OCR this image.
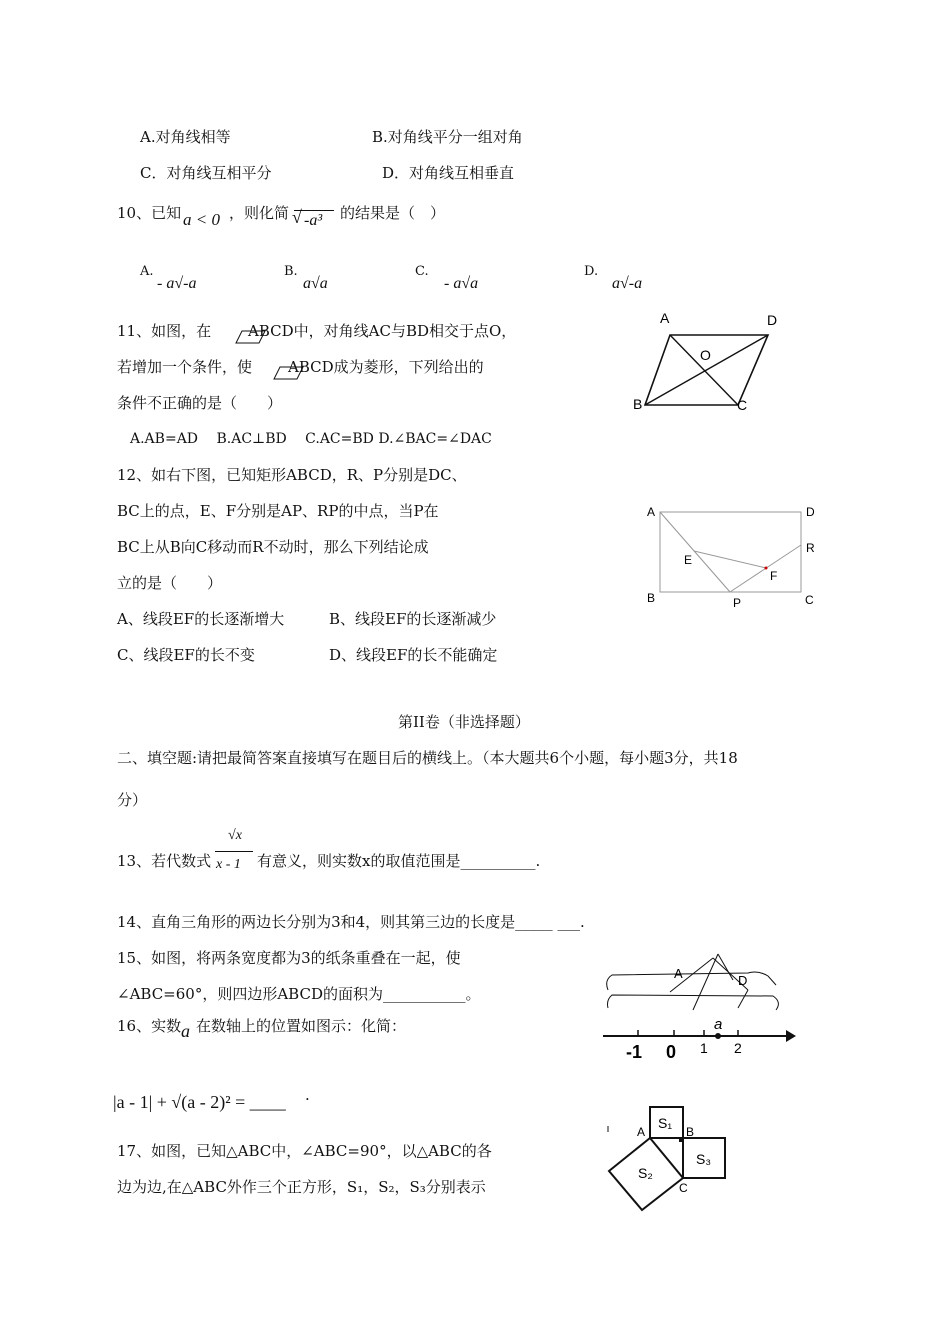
A.对角线相等	B.对角线平分一组对角
C．对角线互相平分	D．对角线互相垂直
10、已知 a < 0 ，则化简 √ -a³	的结果是（　）
A.
- a√-a
B.
a√a
C.
- a√a
D.
a√-a
11、如图，在 ABCD中，对角线AC与BD相交于点O，
若增加一个条件，使 ABCD成为菱形，下列给出的
条件不正确的是（　　）
A.AB=AD　 B.AC⊥BD　 C.AC=BD D.∠BAC=∠DAC
A	D
O
B	C
12、如右下图，已知矩形ABCD，R、P分别是DC、
BC上的点，E、F分别是AP、RP的中点，当P在
BC上从B向C移动而R不动时，那么下列结论成
立的是（　　）
A、线段EF的长逐渐增大	B、线段EF的长逐渐减少
C、线段EF的长不变	D、线段EF的长不能确定
A	D
R
E
F
B	P	C
第II卷（非选择题）
二、填空题:请把最简答案直接填写在题目后的横线上。（本大题共6个小题，每小题3分，共18
分）
13、若代数式
√x
x - 1 有意义，则实数x的取值范围是__________.
14、直角三角形的两边长分别为3和4，则其第三边的长度是_____ ___.
15、如图，将两条宽度都为3的纸条重叠在一起，使
∠ABC=60°，则四边形ABCD的面积为___________。
A	D
16、实数 a 在数轴上的位置如图示：化简：
|a - 1| + √(a - 2)² = ____ ·
-1 0 1 2
a
17、如图，已知△ABC中，∠ABC=90°，以△ABC的各
边为边,在△ABC外作三个正方形，S₁，S₂，S₃分别表示
S₁
S₃
S₂
A	B
C
